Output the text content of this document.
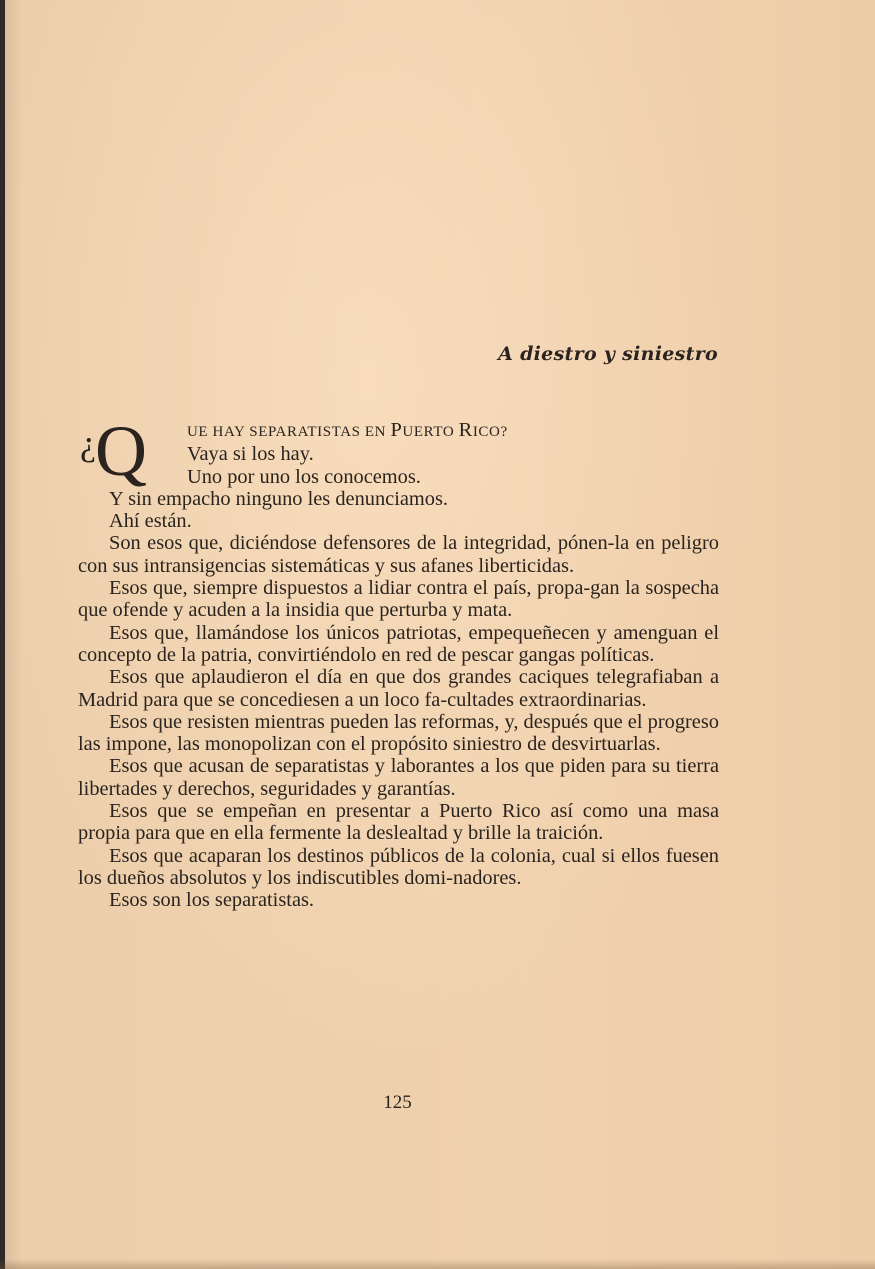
A diestro y siniestro
¿ Q	UE HAY SEPARATISTAS EN PUERTO RICO?

Vaya si los hay.

Uno por uno los conocemos.

Y sin empacho ninguno les denunciamos.

Ahí están.

Son esos que, diciéndose defensores de la integridad, pónen-la en peligro con sus intransigencias sistemáticas y sus afanes liberticidas.

Esos que, siempre dispuestos a lidiar contra el país, propa-gan la sospecha que ofende y acuden a la insidia que perturba y mata.

Esos que, llamándose los únicos patriotas, empequeñecen y amenguan el concepto de la patria, convirtiéndolo en red de pescar gangas políticas.

Esos que aplaudieron el día en que dos grandes caciques telegrafiaban a Madrid para que se concediesen a un loco fa-cultades extraordinarias.

Esos que resisten mientras pueden las reformas, y, después que el progreso las impone, las monopolizan con el propósito siniestro de desvirtuarlas.

Esos que acusan de separatistas y laborantes a los que piden para su tierra libertades y derechos, seguridades y garantías.

Esos que se empeñan en presentar a Puerto Rico así como una masa propia para que en ella fermente la deslealtad y brille la traición.

Esos que acaparan los destinos públicos de la colonia, cual si ellos fuesen los dueños absolutos y los indiscutibles domi-nadores.

Esos son los separatistas.

125
